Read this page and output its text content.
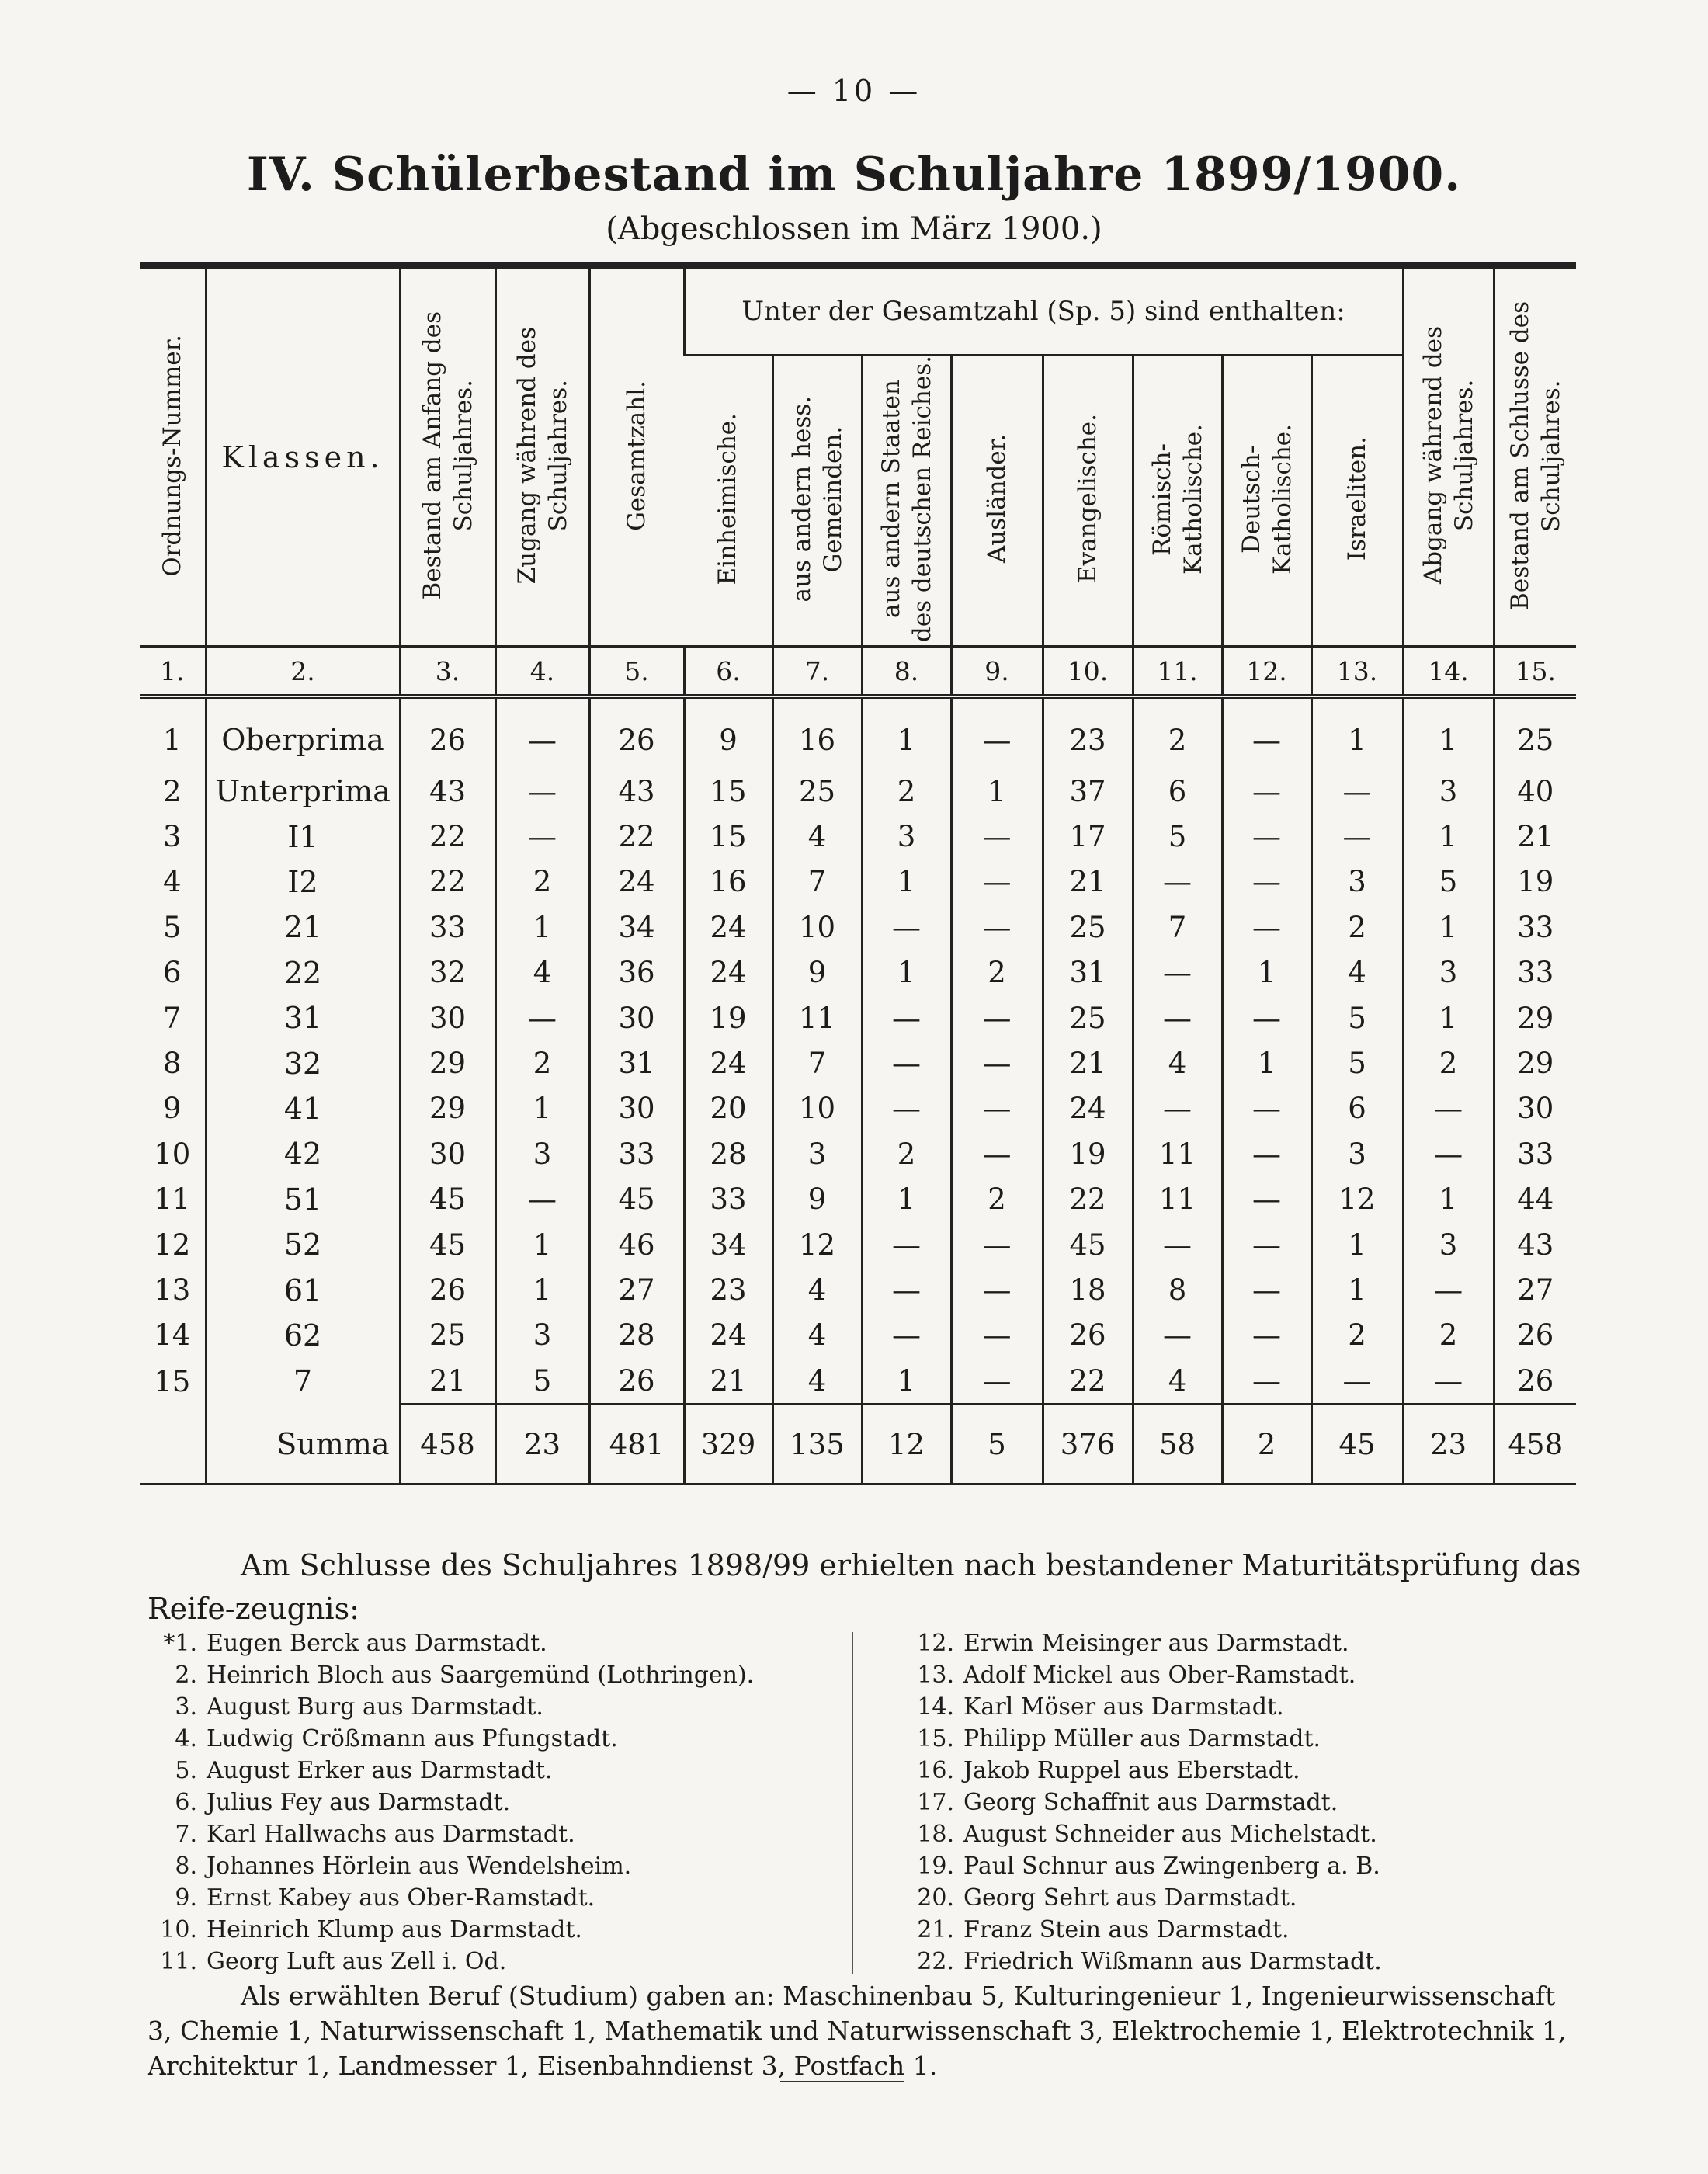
— 10 —
IV. Schülerbestand im Schuljahre 1899/1900.
(Abgeschlossen im März 1900.)
Ordnungs-Nummer.	Klassen.	Bestand am Anfang des Schuljahres.	Zugang während des Schuljahres.	Gesamtzahl.	Unter der Gesamtzahl (Sp. 5) sind enthalten:								Abgang während des Schuljahres.	Bestand am Schlusse des Schuljahres.
					Einheimische.	aus andern hess. Gemeinden.	aus andern Staaten des deutschen Reiches.	Ausländer.	Evangelische.	Römisch- Katholische.	Deutsch- Katholische.	Israeliten.		
1.	2.	3.	4.	5.	6.	7.	8.	9.	10.	11.	12.	13.	14.	15.
1	Oberprima	26	—	26	9	16	1	—	23	2	—	1	1	25
2	Unterprima	43	—	43	15	25	2	1	37	6	—	—	3	40
3	I1	22	—	22	15	4	3	—	17	5	—	—	1	21
4	I2	22	2	24	16	7	1	—	21	—	—	3	5	19
5	21	33	1	34	24	10	—	—	25	7	—	2	1	33
6	22	32	4	36	24	9	1	2	31	—	1	4	3	33
7	31	30	—	30	19	11	—	—	25	—	—	5	1	29
8	32	29	2	31	24	7	—	—	21	4	1	5	2	29
9	41	29	1	30	20	10	—	—	24	—	—	6	—	30
10	42	30	3	33	28	3	2	—	19	11	—	3	—	33
11	51	45	—	45	33	9	1	2	22	11	—	12	1	44
12	52	45	1	46	34	12	—	—	45	—	—	1	3	43
13	61	26	1	27	23	4	—	—	18	8	—	1	—	27
14	62	25	3	28	24	4	—	—	26	—	—	2	2	26
15	7	21	5	26	21	4	1	—	22	4	—	—	—	26
	Summa	458	23	481	329	135	12	5	376	58	2	45	23	458
Am Schlusse des Schuljahres 1898/99 erhielten nach bestandener Maturitätsprüfung das Reife-zeugnis:
*1. Eugen Berck aus Darmstadt.
2. Heinrich Bloch aus Saargemünd (Lothringen).
3. August Burg aus Darmstadt.
4. Ludwig Crößmann aus Pfungstadt.
5. August Erker aus Darmstadt.
6. Julius Fey aus Darmstadt.
7. Karl Hallwachs aus Darmstadt.
8. Johannes Hörlein aus Wendelsheim.
9. Ernst Kabey aus Ober-Ramstadt.
10. Heinrich Klump aus Darmstadt.
11. Georg Luft aus Zell i. Od.
12. Erwin Meisinger aus Darmstadt.
13. Adolf Mickel aus Ober-Ramstadt.
14. Karl Möser aus Darmstadt.
15. Philipp Müller aus Darmstadt.
16. Jakob Ruppel aus Eberstadt.
17. Georg Schaffnit aus Darmstadt.
18. August Schneider aus Michelstadt.
19. Paul Schnur aus Zwingenberg a. B.
20. Georg Sehrt aus Darmstadt.
21. Franz Stein aus Darmstadt.
22. Friedrich Wißmann aus Darmstadt.
Als erwählten Beruf (Studium) gaben an: Maschinenbau 5, Kulturingenieur 1, Ingenieurwissenschaft 3, Chemie 1, Naturwissenschaft 1, Mathematik und Naturwissenschaft 3, Elektrochemie 1, Elektrotechnik 1, Architektur 1, Landmesser 1, Eisenbahndienst 3, Postfach 1.
